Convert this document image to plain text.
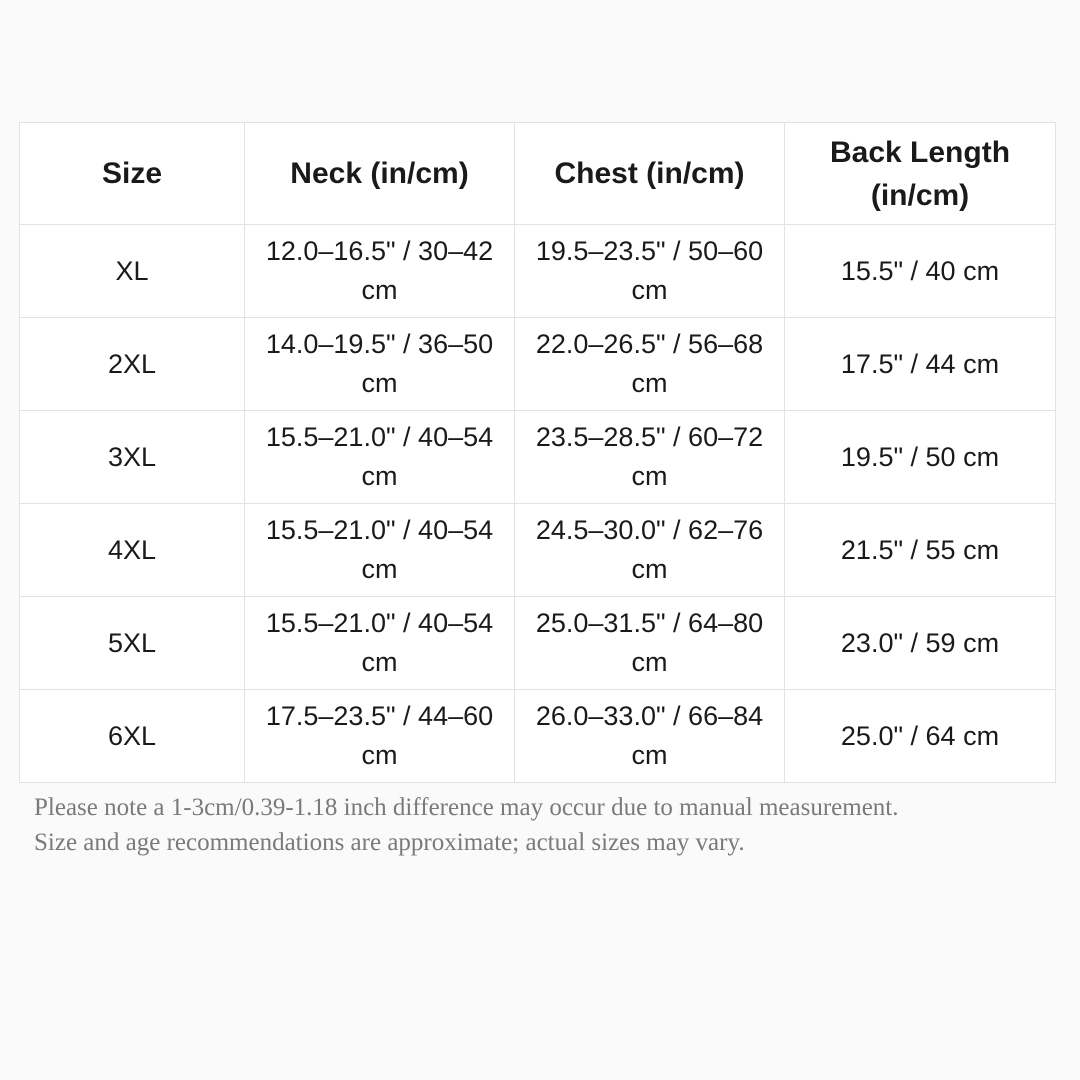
Size	Neck (in/cm)	Chest (in/cm)	Back Length (in/cm)
XL	12.0–16.5" / 30–42 cm	19.5–23.5" / 50–60 cm	15.5" / 40 cm
2XL	14.0–19.5" / 36–50 cm	22.0–26.5" / 56–68 cm	17.5" / 44 cm
3XL	15.5–21.0" / 40–54 cm	23.5–28.5" / 60–72 cm	19.5" / 50 cm
4XL	15.5–21.0" / 40–54 cm	24.5–30.0" / 62–76 cm	21.5" / 55 cm
5XL	15.5–21.0" / 40–54 cm	25.0–31.5" / 64–80 cm	23.0" / 59 cm
6XL	17.5–23.5" / 44–60 cm	26.0–33.0" / 66–84 cm	25.0" / 64 cm
Please note a 1-3cm/0.39-1.18 inch difference may occur due to manual measurement.
Size and age recommendations are approximate; actual sizes may vary.
